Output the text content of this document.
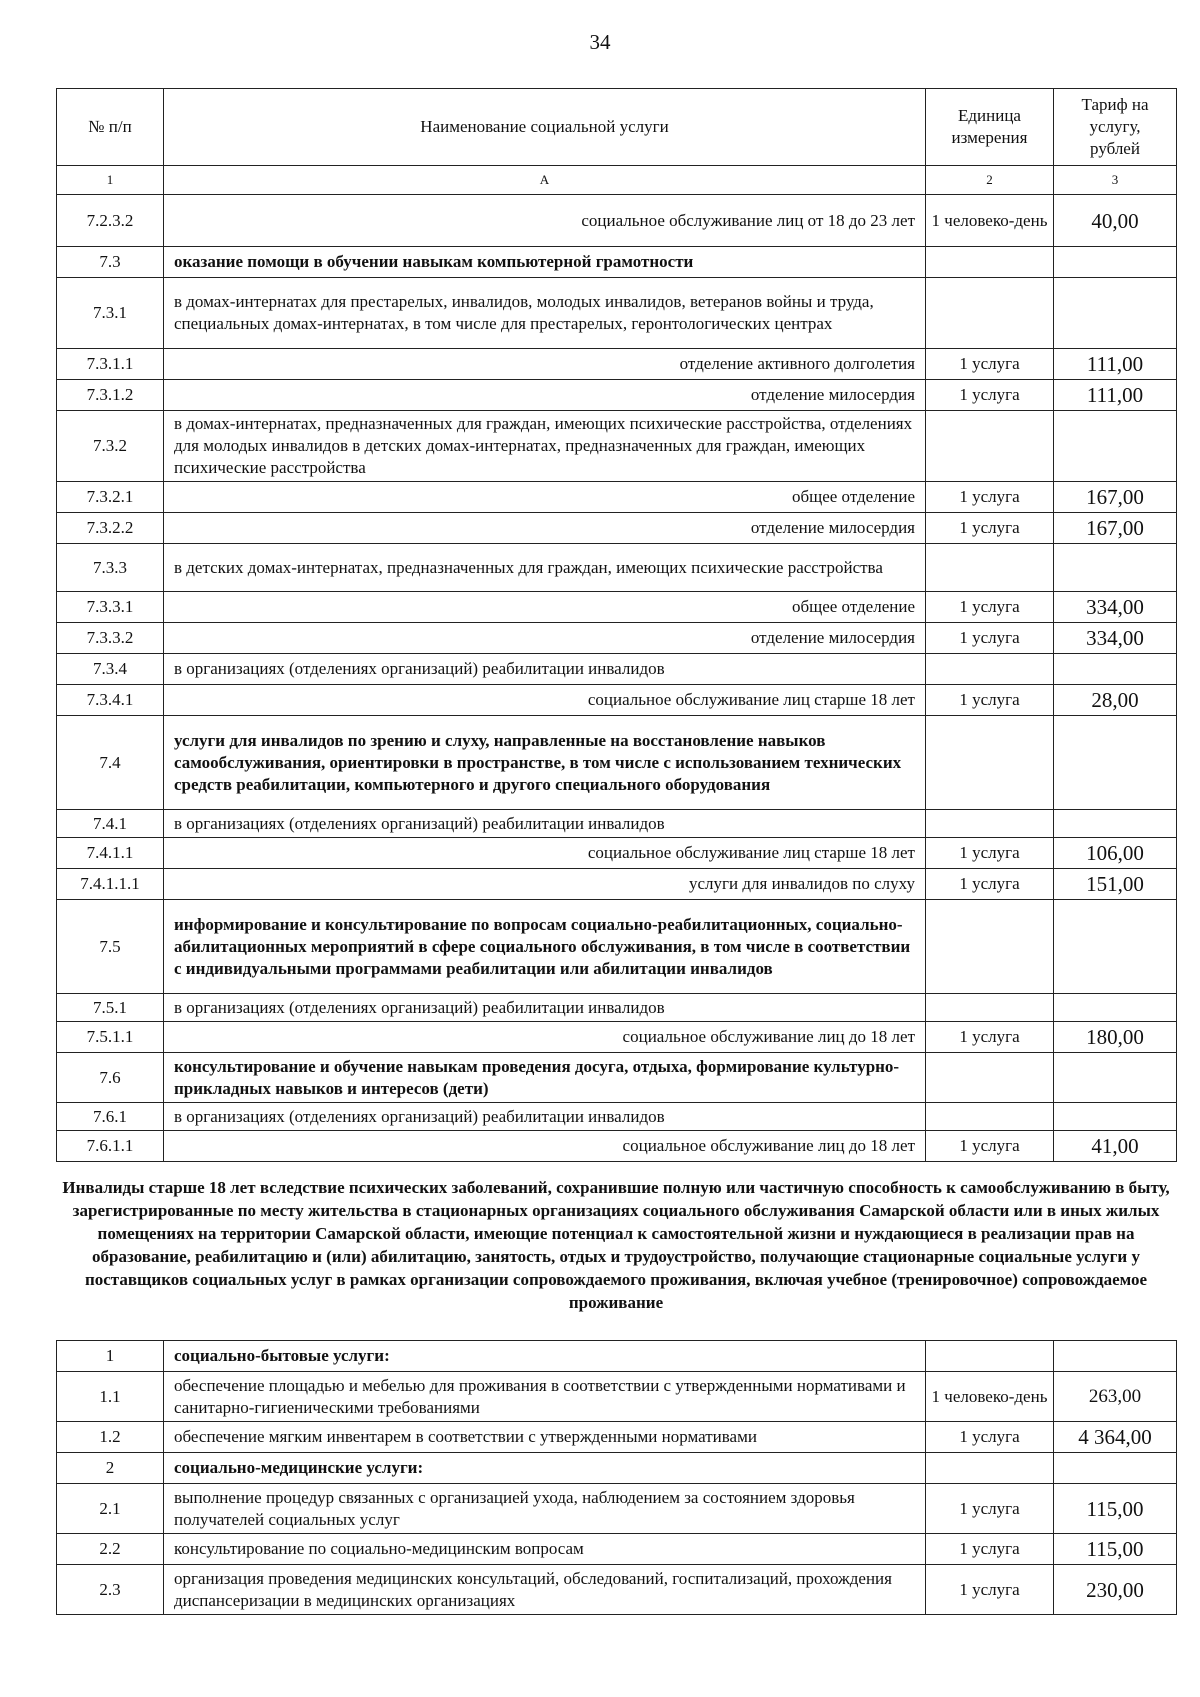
34
№ п/п	Наименование социальной услуги	Единица измерения	Тариф на услугу, рублей
1	А	2	3
7.2.3.2	социальное обслуживание лиц от 18 до 23 лет	1 человеко-день	40,00
7.3	оказание помощи в обучении навыкам компьютерной грамотности		
7.3.1	в домах-интернатах для престарелых, инвалидов, молодых инвалидов, ветеранов войны и труда, специальных домах-интернатах, в том числе для престарелых, геронтологических центрах		
7.3.1.1	отделение активного долголетия	1 услуга	111,00
7.3.1.2	отделение милосердия	1 услуга	111,00
7.3.2	в домах-интернатах, предназначенных для граждан, имеющих психические расстройства, отделениях для молодых инвалидов в детских домах-интернатах, предназначенных для граждан, имеющих психические расстройства		
7.3.2.1	общее отделение	1 услуга	167,00
7.3.2.2	отделение милосердия	1 услуга	167,00
7.3.3	в детских домах-интернатах, предназначенных для граждан, имеющих психические расстройства		
7.3.3.1	общее отделение	1 услуга	334,00
7.3.3.2	отделение милосердия	1 услуга	334,00
7.3.4	в организациях (отделениях организаций) реабилитации инвалидов		
7.3.4.1	социальное обслуживание лиц старше 18 лет	1 услуга	28,00
7.4	услуги для инвалидов по зрению и слуху, направленные на восстановление навыков самообслуживания, ориентировки в пространстве, в том числе с использованием технических средств реабилитации, компьютерного и другого специального оборудования		
7.4.1	в организациях (отделениях организаций) реабилитации инвалидов		
7.4.1.1	социальное обслуживание лиц старше 18 лет	1 услуга	106,00
7.4.1.1.1	услуги для инвалидов по слуху	1 услуга	151,00
7.5	информирование и консультирование по вопросам социально-реабилитационных, социально-абилитационных мероприятий в сфере социального обслуживания, в том числе в соответствии с индивидуальными программами реабилитации или абилитации инвалидов		
7.5.1	в организациях (отделениях организаций) реабилитации инвалидов		
7.5.1.1	социальное обслуживание лиц до 18 лет	1 услуга	180,00
7.6	консультирование и обучение навыкам проведения досуга, отдыха, формирование культурно-прикладных навыков и интересов (дети)		
7.6.1	в организациях (отделениях организаций) реабилитации инвалидов		
7.6.1.1	социальное обслуживание лиц до 18 лет	1 услуга	41,00
Инвалиды старше 18 лет вследствие психических заболеваний, сохранившие полную или частичную способность к самообслуживанию в быту, зарегистрированные по месту жительства в стационарных организациях социального обслуживания Самарской области или в иных жилых помещениях на территории Самарской области, имеющие потенциал к самостоятельной жизни и нуждающиеся в реализации прав на образование, реабилитацию и (или) абилитацию, занятость, отдых и трудоустройство, получающие стационарные социальные услуги у поставщиков социальных услуг в рамках организации сопровождаемого проживания, включая учебное (тренировочное) сопровождаемое проживание
1	социально-бытовые услуги:		
1.1	обеспечение площадью и мебелью для проживания в соответствии с утвержденными нормативами и санитарно-гигиеническими требованиями	1 человеко-день	263,00
1.2	обеспечение мягким инвентарем в соответствии с утвержденными нормативами	1 услуга	4 364,00
2	социально-медицинские услуги:		
2.1	выполнение процедур связанных с организацией ухода, наблюдением за состоянием здоровья получателей социальных услуг	1 услуга	115,00
2.2	консультирование по социально-медицинским вопросам	1 услуга	115,00
2.3	организация проведения медицинских консультаций, обследований, госпитализаций, прохождения диспансеризации в медицинских организациях	1 услуга	230,00
